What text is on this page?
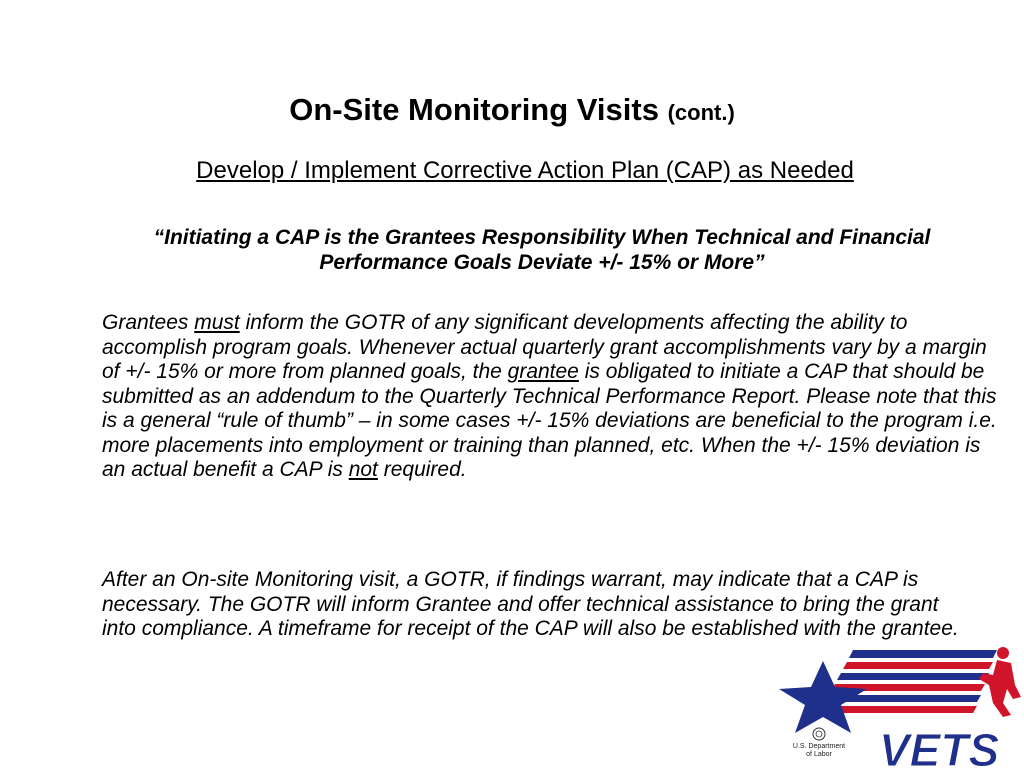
On-Site Monitoring Visits (cont.)
Develop / Implement Corrective Action Plan (CAP) as Needed
“Initiating a CAP is the Grantees Responsibility When Technical and Financial Performance Goals Deviate +/- 15% or More”
Grantees must inform the GOTR of any significant developments affecting the ability to accomplish program goals. Whenever actual quarterly grant accomplishments vary by a margin of +/- 15% or more from planned goals, the grantee is obligated to initiate a CAP that should be submitted as an addendum to the Quarterly Technical Performance Report. Please note that this is a general “rule of thumb” – in some cases +/- 15% deviations are beneficial to the program i.e. more placements into employment or training than planned, etc. When the +/- 15% deviation is an actual benefit a CAP is not required.
After an On-site Monitoring visit, a GOTR, if findings warrant, may indicate that a CAP is necessary. The GOTR will inform Grantee and offer technical assistance to bring the grant into compliance. A timeframe for receipt of the CAP will also be established with the grantee.
VETS
U.S. Department
of Labor
